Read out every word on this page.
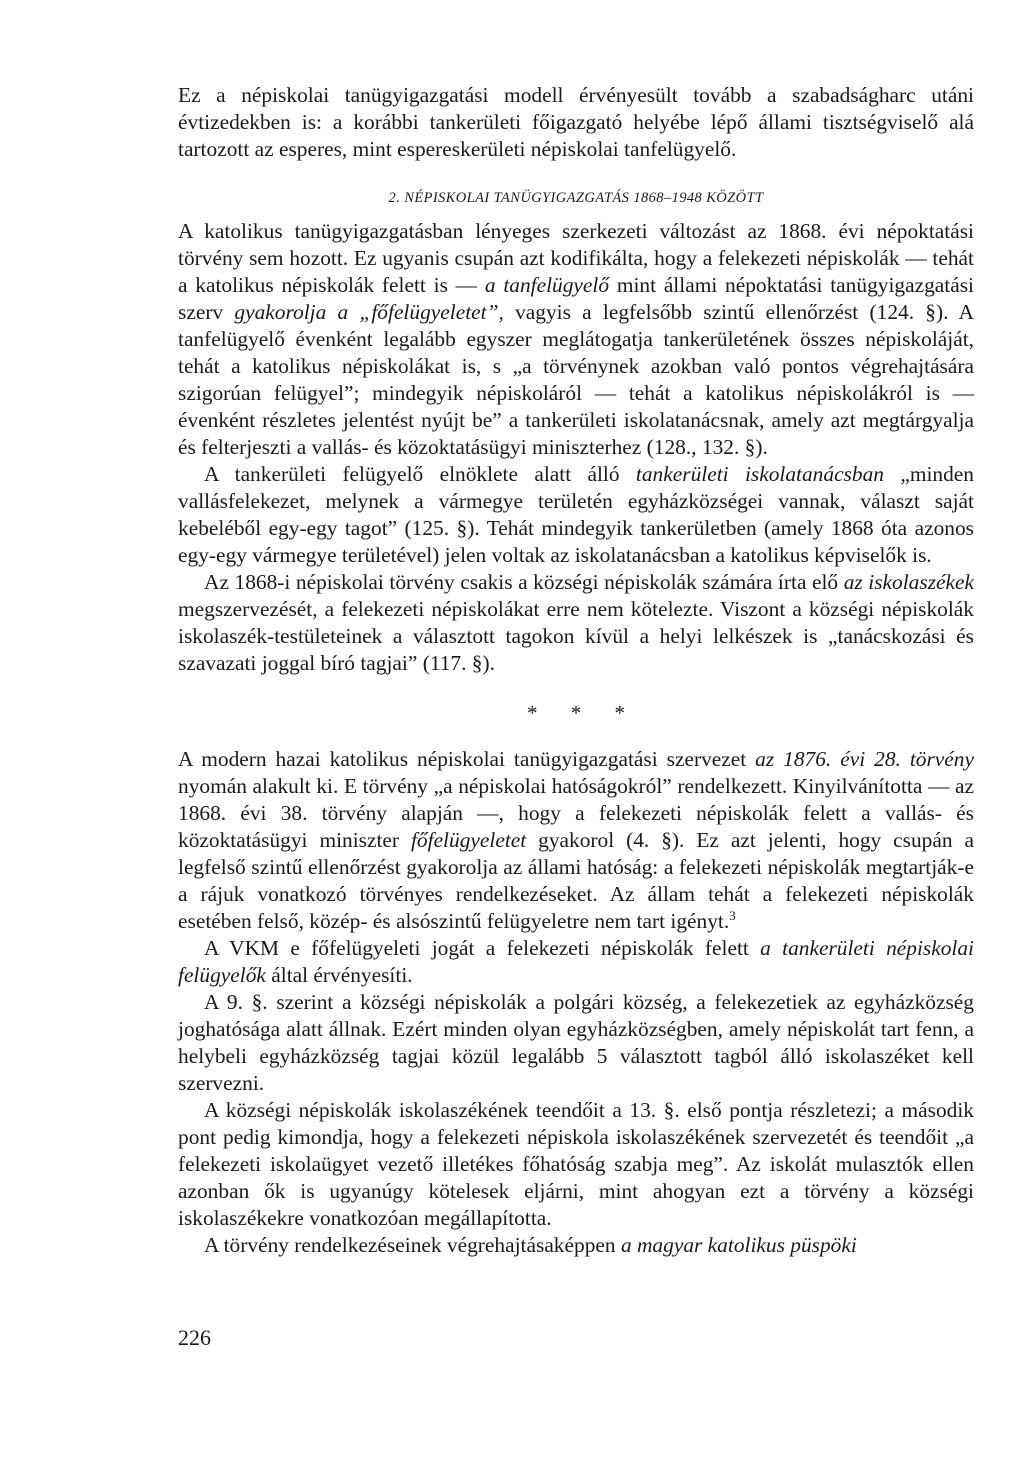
Ez a népiskolai tanügyigazgatási modell érvényesült tovább a szabadságharc utáni évtizedekben is: a korábbi tankerületi főigazgató helyébe lépő állami tisztségviselő alá tartozott az esperes, mint espereskerületi népiskolai tanfelügyelő.

2. NÉPISKOLAI TANÜGYIGAZGATÁS 1868–1948 KÖZÖTT

A katolikus tanügyigazgatásban lényeges szerkezeti változást az 1868. évi népoktatási törvény sem hozott. Ez ugyanis csupán azt kodifikálta, hogy a felekezeti népiskolák — tehát a katolikus népiskolák felett is — a tanfelügyelő mint állami népoktatási tanügyigazgatási szerv gyakorolja a „főfelügyeletet”, vagyis a legfelsőbb szintű ellenőrzést (124. §). A tanfelügyelő évenként legalább egyszer meglátogatja tankerületének összes népiskoláját, tehát a katolikus népiskolákat is, s „a törvénynek azokban való pontos végrehajtására szigorúan felügyel”; mindegyik népiskoláról — tehát a katolikus népiskolákról is — évenként részletes jelentést nyújt be” a tankerületi iskolatanácsnak, amely azt megtárgyalja és felterjeszti a vallás- és közoktatásügyi miniszterhez (128., 132. §).

A tankerületi felügyelő elnöklete alatt álló tankerületi iskolatanácsban „minden vallásfelekezet, melynek a vármegye területén egyházközségei vannak, választ saját kebeléből egy-egy tagot” (125. §). Tehát mindegyik tankerületben (amely 1868 óta azonos egy-egy vármegye területével) jelen voltak az iskolatanácsban a katolikus képviselők is.

Az 1868-i népiskolai törvény csakis a községi népiskolák számára írta elő az iskolaszékek megszervezését, a felekezeti népiskolákat erre nem kötelezte. Viszont a községi népiskolák iskolaszék-testületeinek a választott tagokon kívül a helyi lelkészek is „tanácskozási és szavazati joggal bíró tagjai” (117. §).

* * *

A modern hazai katolikus népiskolai tanügyigazgatási szervezet az 1876. évi 28. törvény nyomán alakult ki. E törvény „a népiskolai hatóságokról” rendelkezett. Kinyilvánította — az 1868. évi 38. törvény alapján —, hogy a felekezeti népiskolák felett a vallás- és közoktatásügyi miniszter főfelügyeletet gyakorol (4. §). Ez azt jelenti, hogy csupán a legfelső szintű ellenőrzést gyakorolja az állami hatóság: a felekezeti népiskolák megtartják-e a rájuk vonatkozó törvényes rendelkezéseket. Az állam tehát a felekezeti népiskolák esetében felső, közép- és alsószintű felügyeletre nem tart igényt.$^3$

A VKM e főfelügyeleti jogát a felekezeti népiskolák felett a tankerületi népiskolai felügyelők által érvényesíti.

A 9. §. szerint a községi népiskolák a polgári község, a felekezetiek az egyházközség joghatósága alatt állnak. Ezért minden olyan egyházközségben, amely népiskolát tart fenn, a helybeli egyházközség tagjai közül legalább 5 választott tagból álló iskolaszéket kell szervezni.

A községi népiskolák iskolaszékének teendőit a 13. §. első pontja részletezi; a második pont pedig kimondja, hogy a felekezeti népiskola iskolaszékének szervezetét és teendőit „a felekezeti iskolaügyet vezető illetékes főhatóság szabja meg”. Az iskolát mulasztók ellen azonban ők is ugyanúgy kötelesek eljárni, mint ahogyan ezt a törvény a községi iskolaszékekre vonatkozóan megállapította.

A törvény rendelkezéseinek végrehajtásaképpen a magyar katolikus püspöki

226
